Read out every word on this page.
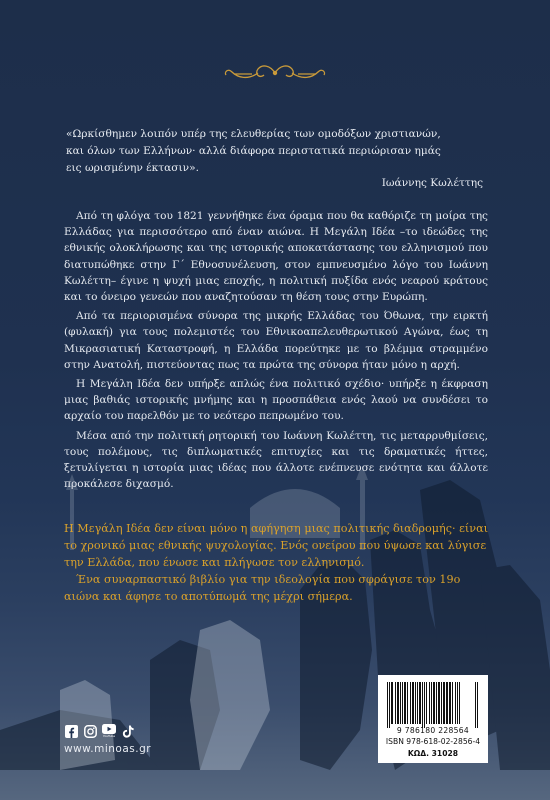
«Ωρκίσθημεν λοιπόν υπέρ της ελευθερίας των ομοδόξων χριστιανών,
και όλων των Ελλήνων· αλλά διάφορα περιστατικά περιώρισαν ημάς
εις ωρισμένην έκτασιν».
Ιωάννης Κωλέττης

Από τη φλόγα του 1821 γεννήθηκε ένα όραμα που θα καθόριζε τη μοίρα της Ελλάδας για περισσότερο από έναν αιώνα. Η Μεγάλη Ιδέα –το ιδεώδες της εθνικής ολοκλήρωσης και της ιστορικής αποκατάστασης του ελληνισμού που διατυπώθηκε στην Γ΄ Εθνοσυνέλευση, στον εμπνευσμένο λόγο του Ιωάννη Κωλέττη– έγινε η ψυχή μιας εποχής, η πολιτική πυξίδα ενός νεαρού κράτους και το όνειρο γενεών που αναζητούσαν τη θέση τους στην Ευρώπη.

Από τα περιορισμένα σύνορα της μικρής Ελλάδας του Όθωνα, την ειρκτή (φυλακή) για τους πολεμιστές του Εθνικοαπελευθερωτικού Αγώνα, έως τη Μικρασιατική Καταστροφή, η Ελλάδα πορεύτηκε με το βλέμμα στραμμένο στην Ανατολή, πιστεύοντας πως τα πρώτα της σύνορα ήταν μόνο η αρχή.

Η Μεγάλη Ιδέα δεν υπήρξε απλώς ένα πολιτικό σχέδιο· υπήρξε η έκφραση μιας βαθιάς ιστορικής μνήμης και η προσπάθεια ενός λαού να συνδέσει το αρχαίο του παρελθόν με το νεότερο πεπρωμένο του.

Μέσα από την πολιτική ρητορική του Ιωάννη Κωλέττη, τις μεταρρυθμίσεις, τους πολέμους, τις διπλωματικές επιτυχίες και τις δραματικές ήττες, ξετυλίγεται η ιστορία μιας ιδέας που άλλοτε ενέπνευσε ενότητα και άλλοτε προκάλεσε διχασμό.

Η Μεγάλη Ιδέα δεν είναι μόνο η αφήγηση μιας πολιτικής διαδρομής· είναι το χρονικό μιας εθνικής ψυχολογίας. Ενός ονείρου που ύψωσε και λύγισε την Ελλάδα, που ένωσε και πλήγωσε τον ελληνισμό.

Ένα συναρπαστικό βιβλίο για την ιδεολογία που σφράγισε τον 19ο αιώνα και άφησε το αποτύπωμά της μέχρι σήμερα.

YouTube
www.minoas.gr
9 786180 228564
ISBN 978-618-02-2856-4
ΚΩΔ. 31028
